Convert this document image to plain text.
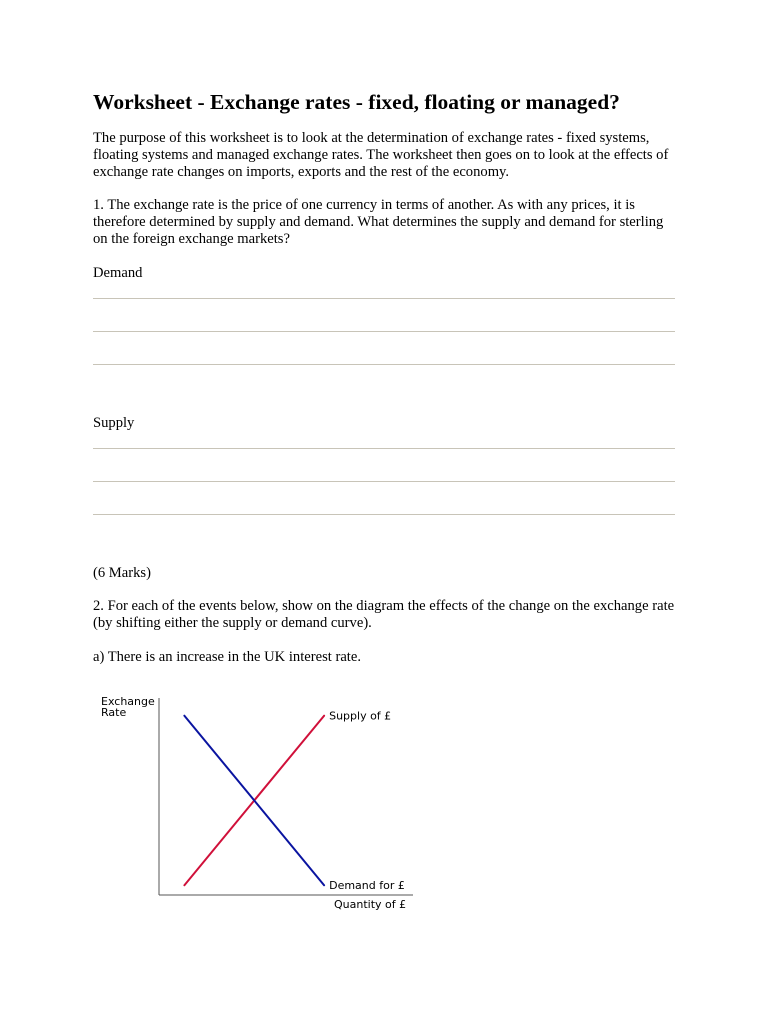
Worksheet - Exchange rates - fixed, floating or managed?

The purpose of this worksheet is to look at the determination of exchange rates - fixed systems, floating systems and managed exchange rates. The worksheet then goes on to look at the effects of exchange rate changes on imports, exports and the rest of the economy.

1. The exchange rate is the price of one currency in terms of another. As with any prices, it is therefore determined by supply and demand. What determines the supply and demand for sterling on the foreign exchange markets?

Demand

Supply

(6 Marks)

2. For each of the events below, show on the diagram the effects of the change on the exchange rate (by shifting either the supply or demand curve).

a) There is an increase in the UK interest rate.

Exchange
Rate
Quantity of £
Supply of £
Demand for £
